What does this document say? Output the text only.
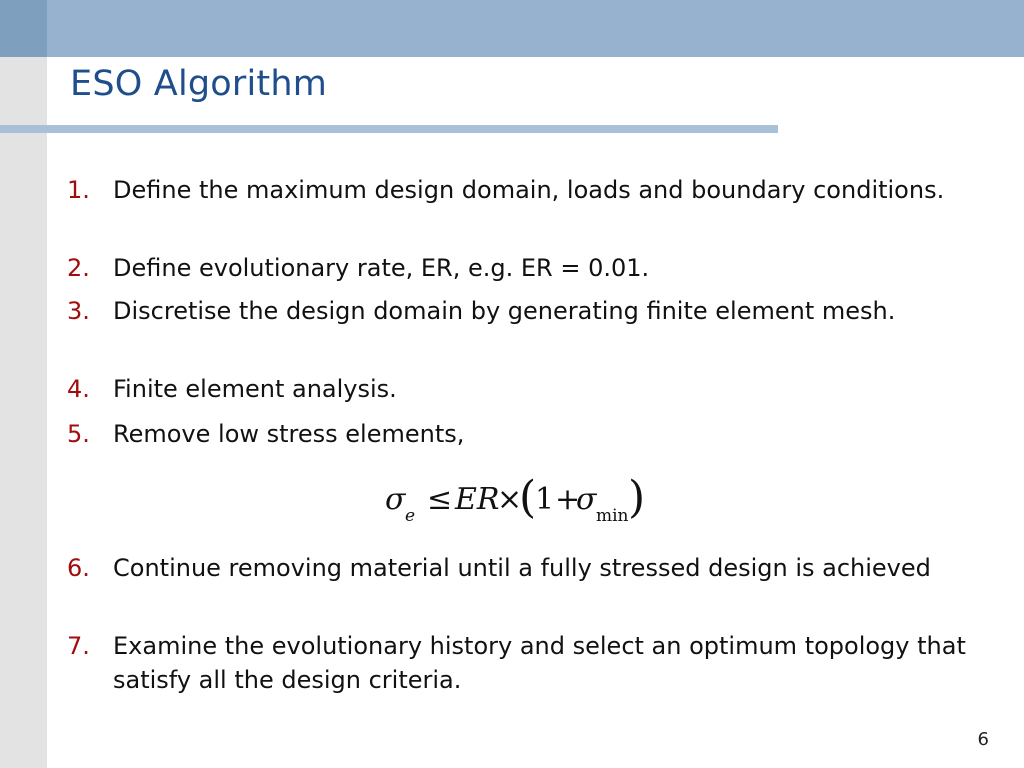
ESO Algorithm
1. Define the maximum design domain, loads and boundary conditions.
2. Define evolutionary rate, ER, e.g. ER = 0.01.
3. Discretise the design domain by generating finite element mesh.
4. Finite element analysis.
5. Remove low stress elements,
σ e ≤ ER
×
(
1 +
σ min )
6. Continue removing material until a fully stressed design is achieved
7. Examine the evolutionary history and select an optimum topology that satisfy all the design criteria.
6
